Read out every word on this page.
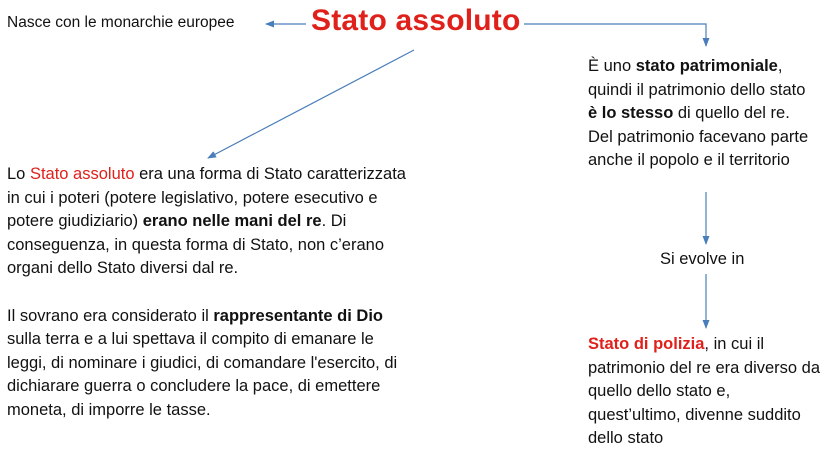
Stato assoluto
Nasce con le monarchie europee
È uno stato patrimoniale, quindi il patrimonio dello stato è lo stesso di quello del re. Del patrimonio facevano parte anche il popolo e il territorio
Si evolve in
Stato di polizia, in cui il patrimonio del re era diverso da quello dello stato e, quest’ultimo, divenne suddito dello stato

Lo Stato assoluto era una forma di Stato caratterizzata in cui i poteri (potere legislativo, potere esecutivo e potere giudiziario) erano nelle mani del re. Di conseguenza, in questa forma di Stato, non c’erano organi dello Stato diversi dal re.

Il sovrano era considerato il rappresentante di Dio sulla terra e a lui spettava il compito di emanare le leggi, di nominare i giudici, di comandare l'esercito, di dichiarare guerra o concludere la pace, di emettere moneta, di imporre le tasse.
